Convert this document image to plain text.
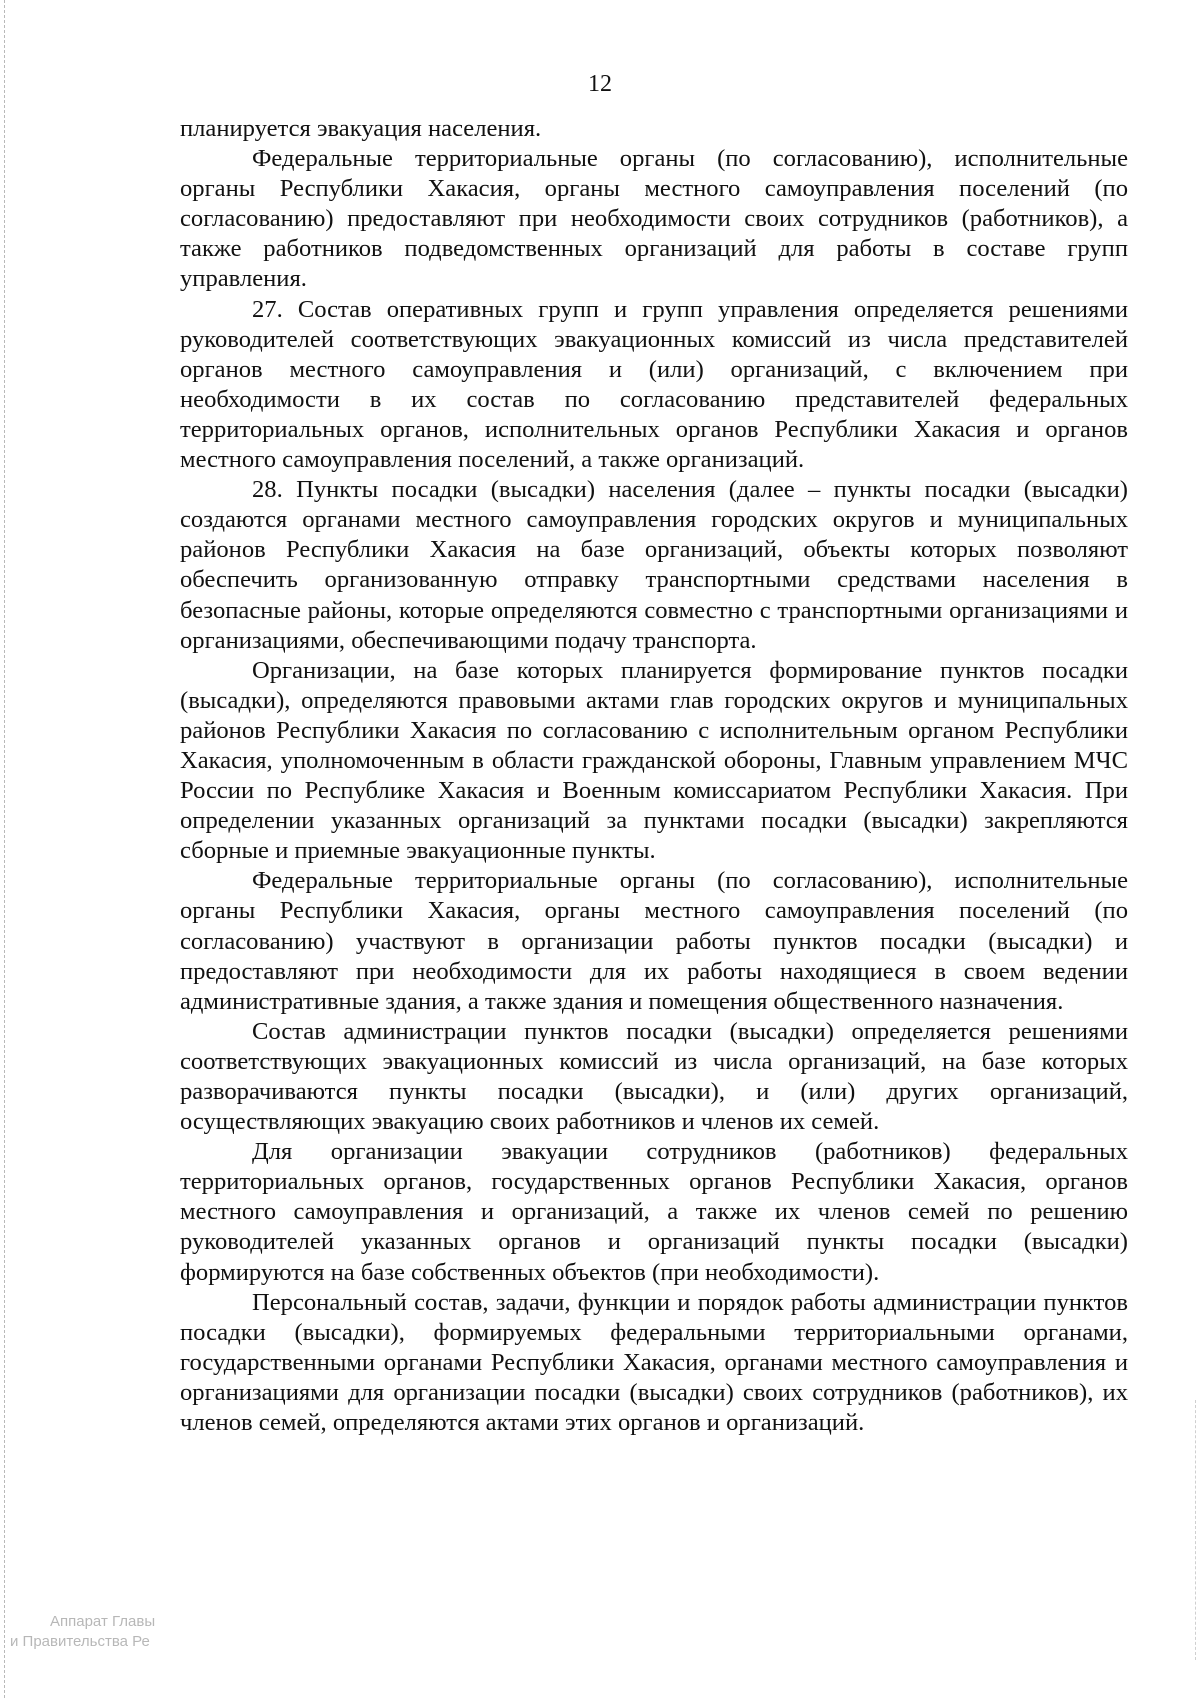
12

планируется эвакуация населения.

Федеральные территориальные органы (по согласованию), исполнительные органы Республики Хакасия, органы местного самоуправления поселений (по согласованию) предоставляют при необходимости своих сотрудников (работников), а также работников подведомственных организаций для работы в составе групп управления.

27. Состав оперативных групп и групп управления определяется решениями руководителей соответствующих эвакуационных комиссий из числа представителей органов местного самоуправления и (или) организаций, с включением при необходимости в их состав по согласованию представителей федеральных территориальных органов, исполнительных органов Республики Хакасия и органов местного самоуправления поселений, а также организаций.

28. Пункты посадки (высадки) населения (далее – пункты посадки (высадки) создаются органами местного самоуправления городских округов и муниципальных районов Республики Хакасия на базе организаций, объекты которых позволяют обеспечить организованную отправку транспортными средствами населения в безопасные районы, которые определяются совместно с транспортными организациями и организациями, обеспечивающими подачу транспорта.

Организации, на базе которых планируется формирование пунктов посадки (высадки), определяются правовыми актами глав городских округов и муниципальных районов Республики Хакасия по согласованию с исполнительным органом Республики Хакасия, уполномоченным в области гражданской обороны, Главным управлением МЧС России по Республике Хакасия и Военным комиссариатом Республики Хакасия. При определении указанных организаций за пунктами посадки (высадки) закрепляются сборные и приемные эвакуационные пункты.

Федеральные территориальные органы (по согласованию), исполнительные органы Республики Хакасия, органы местного самоуправления поселений (по согласованию) участвуют в организации работы пунктов посадки (высадки) и предоставляют при необходимости для их работы находящиеся в своем ведении административные здания, а также здания и помещения общественного назначения.

Состав администрации пунктов посадки (высадки) определяется решениями соответствующих эвакуационных комиссий из числа организаций, на базе которых разворачиваются пункты посадки (высадки), и (или) других организаций, осуществляющих эвакуацию своих работников и членов их семей.

Для организации эвакуации сотрудников (работников) федеральных территориальных органов, государственных органов Республики Хакасия, органов местного самоуправления и организаций, а также их членов семей по решению руководителей указанных органов и организаций пункты посадки (высадки) формируются на базе собственных объектов (при необходимости).

Персональный состав, задачи, функции и порядок работы администрации пунктов посадки (высадки), формируемых федеральными территориальными органами, государственными органами Республики Хакасия, органами местного самоуправления и организациями для организации посадки (высадки) своих сотрудников (работников), их членов семей, определяются актами этих органов и организаций.

Аппарат Главы
и Правительства Ре
